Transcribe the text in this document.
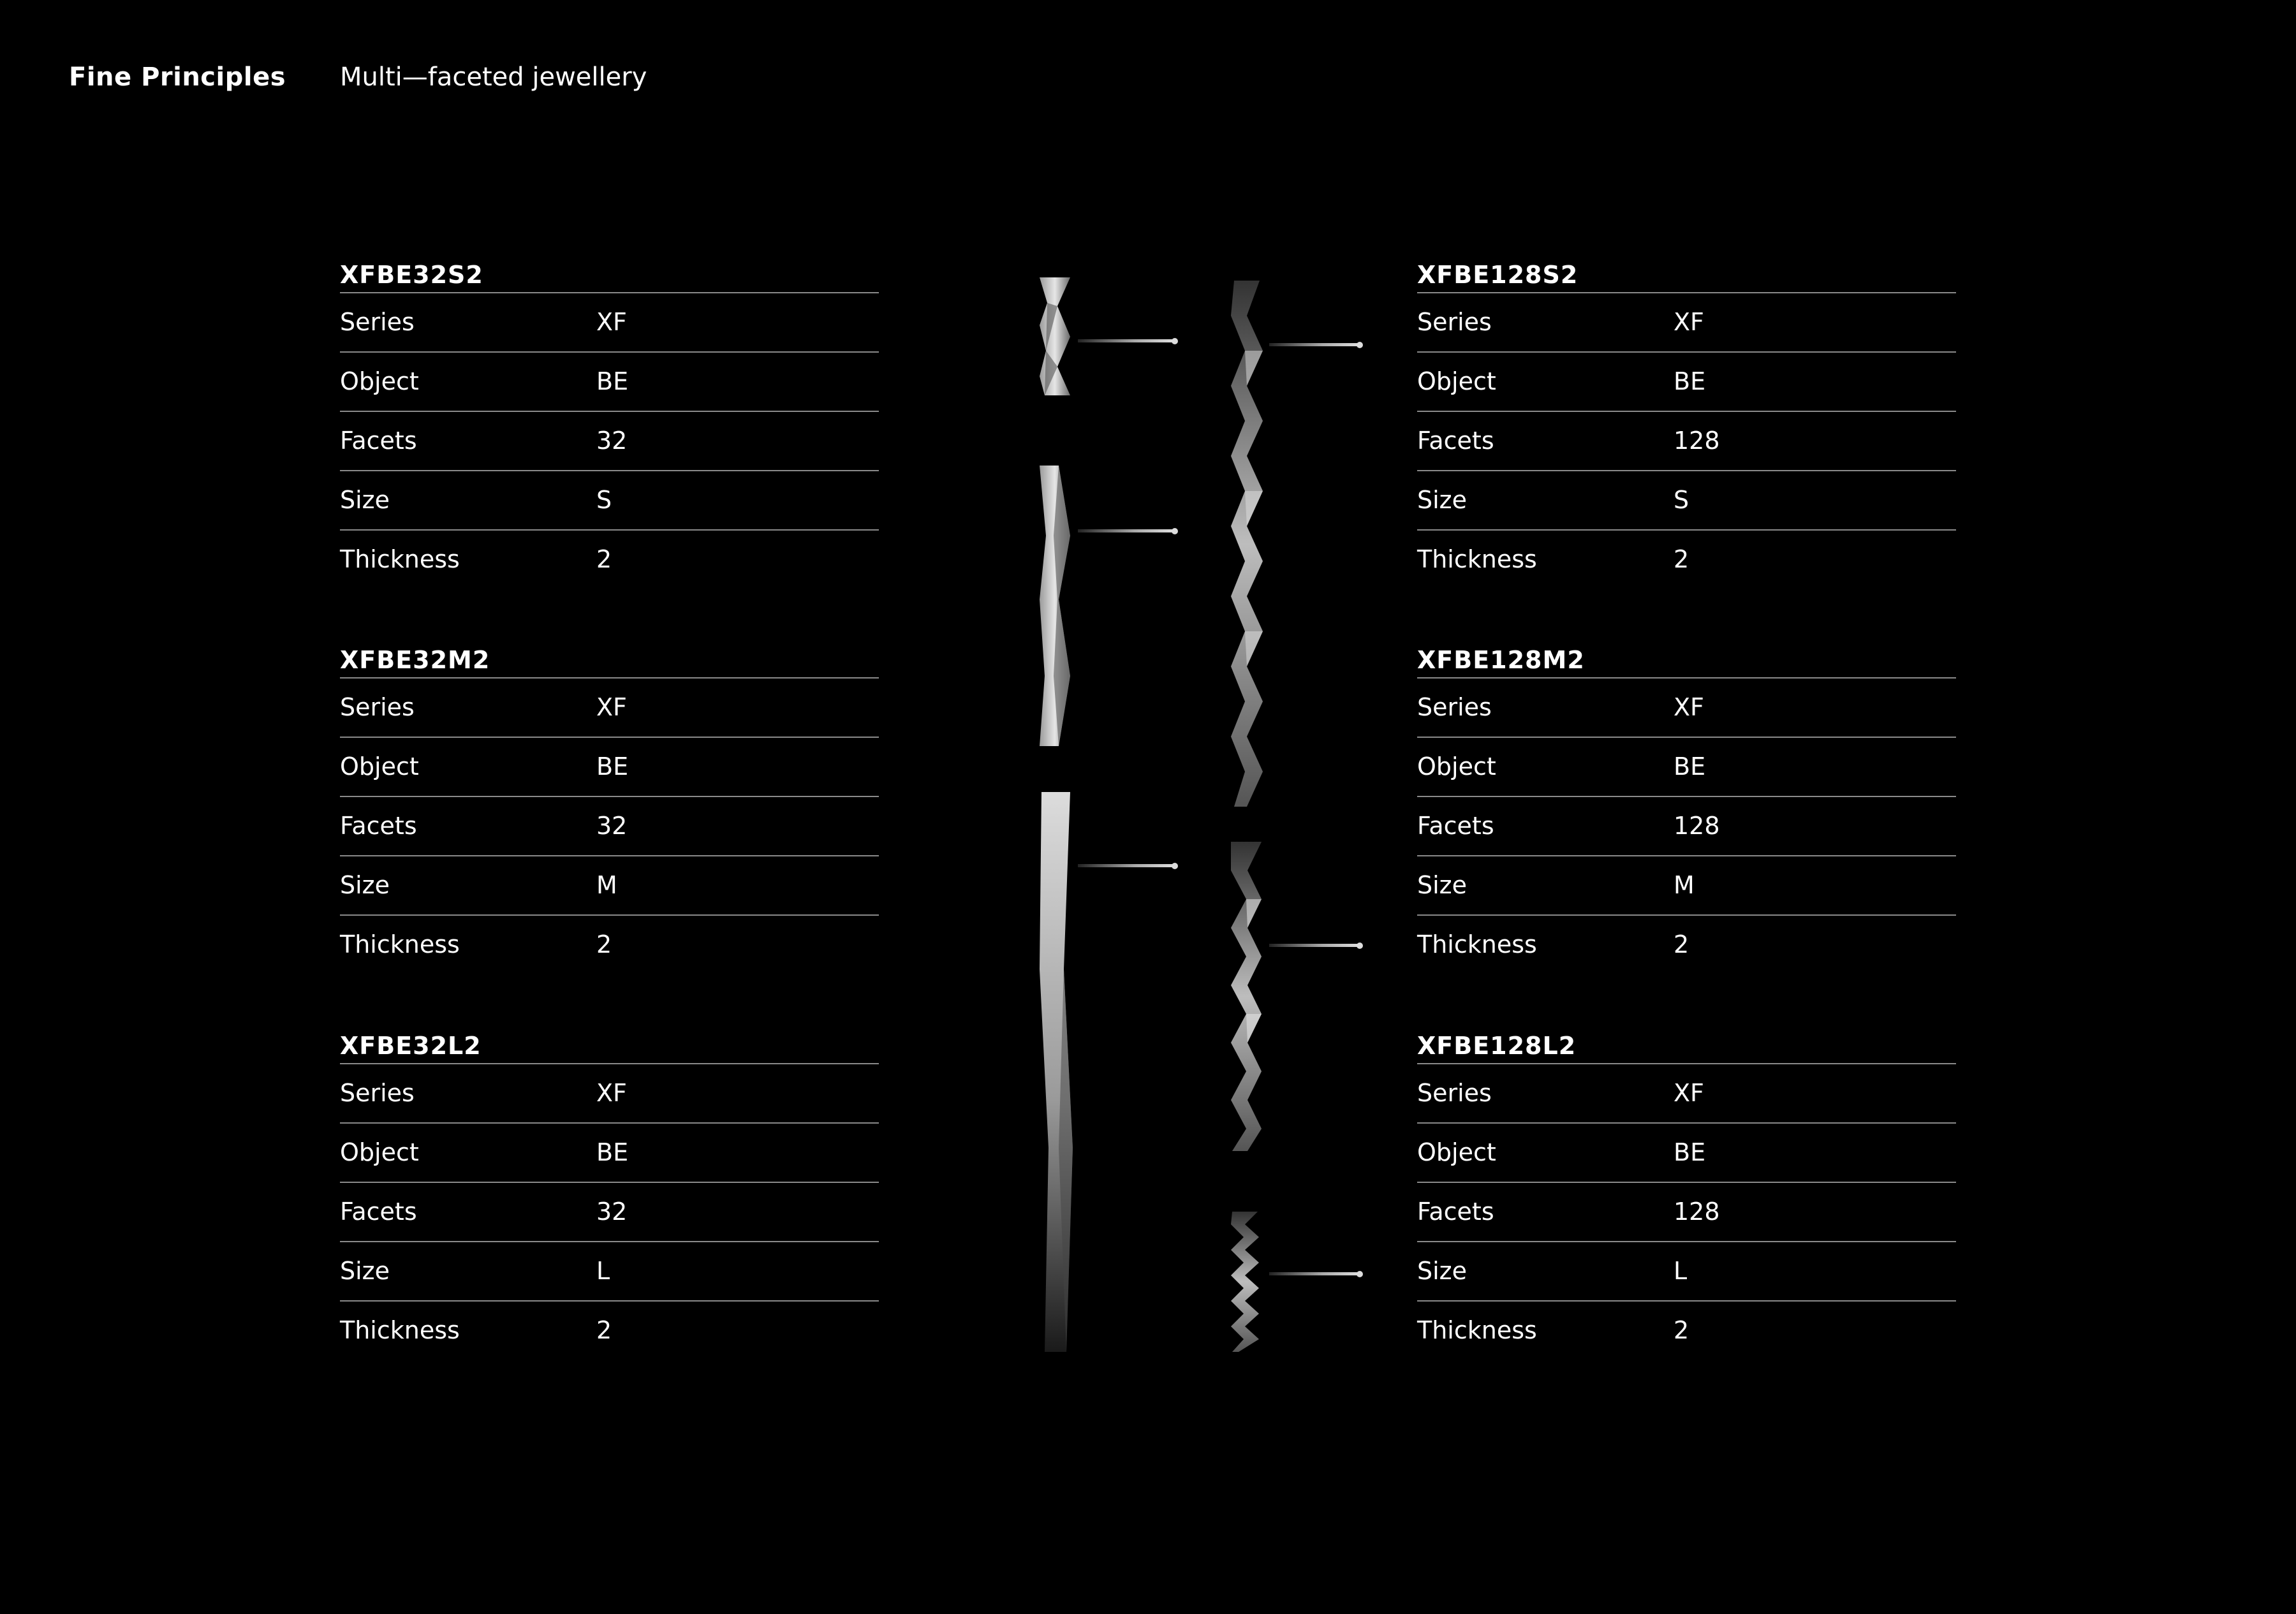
Fine Principles Multi—faceted jewellery
XFBE32S2
Series	XF
Object	BE
Facets	32
Size	S
Thickness	2
XFBE32M2
Series	XF
Object	BE
Facets	32
Size	M
Thickness	2
XFBE32L2
Series	XF
Object	BE
Facets	32
Size	L
Thickness	2
XFBE128S2
Series	XF
Object	BE
Facets	128
Size	S
Thickness	2
XFBE128M2
Series	XF
Object	BE
Facets	128
Size	M
Thickness	2
XFBE128L2
Series	XF
Object	BE
Facets	128
Size	L
Thickness	2
